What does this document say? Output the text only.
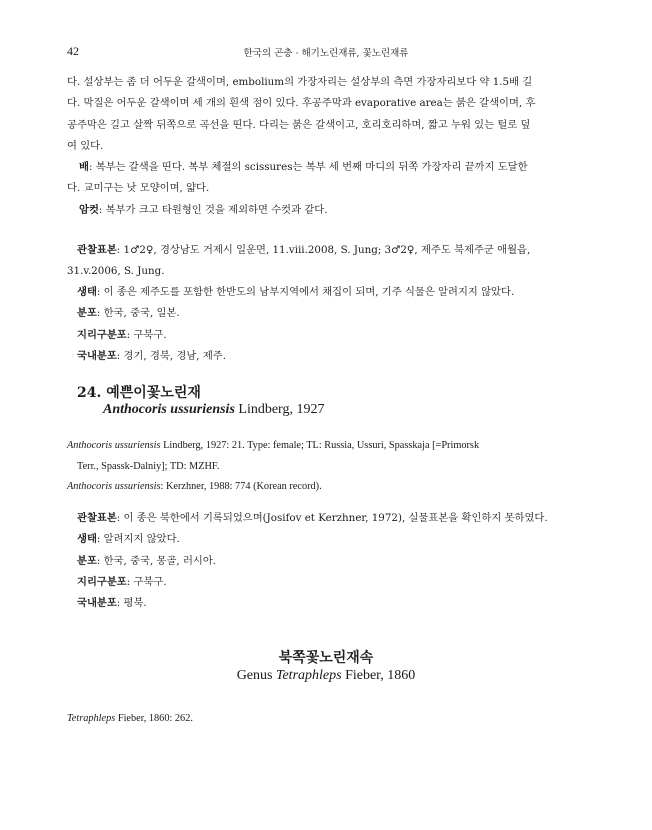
42	한국의 곤충 · 해기노린재류, 꽃노린재류
다. 설상부는 좀 더 어두운 갈색이며, embolium의 가장자리는 설상부의 측면 가장자리보다 약 1.5배 길
다. 막질은 어두운 갈색이며 세 개의 흰색 점이 있다. 후공주막과 evaporative area는 붉은 갈색이며, 후
공주막은 길고 살짝 뒤쪽으로 곡선을 띤다. 다리는 붉은 갈색이고, 호리호리하며, 짧고 누워 있는 털로 덮
여 있다.
배: 복부는 갈색을 띤다. 복부 체절의 scissures는 복부 세 번째 마디의 뒤쪽 가장자리 끝까지 도달한
다. 교미구는 낫 모양이며, 얇다.
암컷: 복부가 크고 타원형인 것을 제외하면 수컷과 같다.
관찰표본: 1♂2♀, 경상남도 거제시 일운면, 11.viii.2008, S. Jung; 3♂2♀, 제주도 북제주군 애월읍,
31.v.2006, S. Jung.
생태: 이 종은 제주도를 포함한 한반도의 남부지역에서 채집이 되며, 기주 식물은 알려지지 않았다.
분포: 한국, 중국, 일본.
지리구분포: 구북구.
국내분포: 경기, 경북, 경남, 제주.
24. 예쁜이꽃노린재
Anthocoris ussuriensis Lindberg, 1927
Anthocoris ussuriensis Lindberg, 1927: 21. Type: female; TL: Russia, Ussuri, Spasskaja [=Primorsk
Terr., Spassk-Dalniy]; TD: MZHF.
Anthocoris ussuriensis: Kerzhner, 1988: 774 (Korean record).
관찰표본: 이 종은 북한에서 기록되었으며(Josifov et Kerzhner, 1972), 실물표본을 확인하지 못하였다.
생태: 알려지지 않았다.
분포: 한국, 중국, 몽골, 러시아.
지리구분포: 구북구.
국내분포: 평북.
북쪽꽃노린재속
Genus Tetraphleps Fieber, 1860
Tetraphleps Fieber, 1860: 262.
